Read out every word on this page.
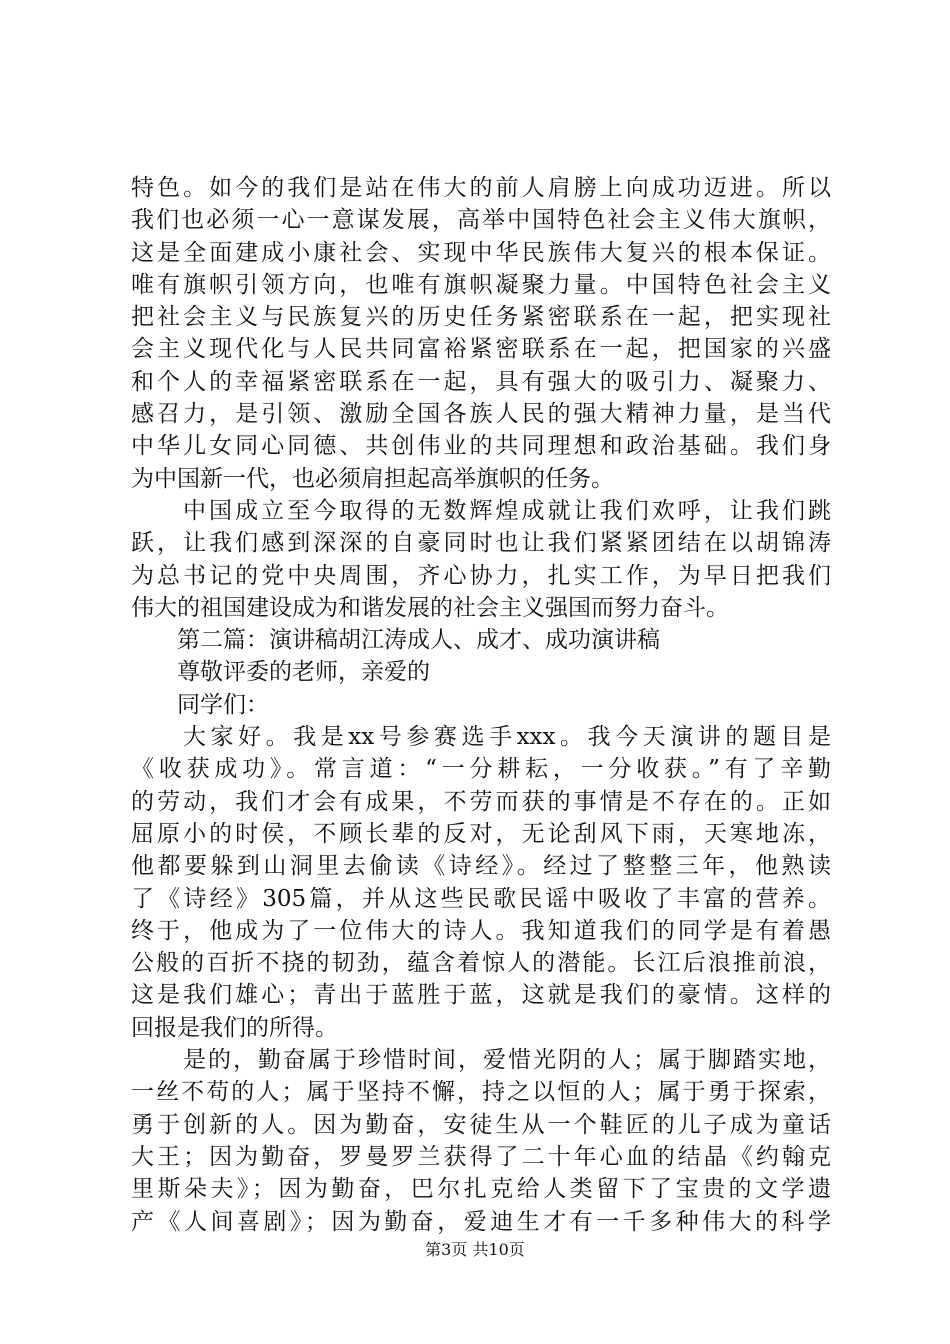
特色。如今的我们是站在伟大的前人肩膀上向成功迈进。所以
我们也必须一心一意谋发展，高举中国特色社会主义伟大旗帜，
这是全面建成小康社会、实现中华民族伟大复兴的根本保证。
唯有旗帜引领方向，也唯有旗帜凝聚力量。中国特色社会主义
把社会主义与民族复兴的历史任务紧密联系在一起，把实现社
会主义现代化与人民共同富裕紧密联系在一起，把国家的兴盛
和个人的幸福紧密联系在一起，具有强大的吸引力、凝聚力、
感召力，是引领、激励全国各族人民的强大精神力量，是当代
中华儿女同心同德、共创伟业的共同理想和政治基础。我们身
为中国新一代，也必须肩担起高举旗帜的任务。
中国成立至今取得的无数辉煌成就让我们欢呼，让我们跳
跃，让我们感到深深的自豪同时也让我们紧紧团结在以胡锦涛
为总书记的党中央周围，齐心协力，扎实工作，为早日把我们
伟大的祖国建设成为和谐发展的社会主义强国而努力奋斗。
第二篇：演讲稿胡江涛成人、成才、成功演讲稿
尊敬评委的老师，亲爱的
同学们：
大家好。我是xx号参赛选手xxx。我今天演讲的题目是
《收获成功》。常言道：“一分耕耘，一分收获。”有了辛勤
的劳动，我们才会有成果，不劳而获的事情是不存在的。正如
屈原小的时侯，不顾长辈的反对，无论刮风下雨，天寒地冻，
他都要躲到山洞里去偷读《诗经》。经过了整整三年，他熟读
了《诗经》305篇，并从这些民歌民谣中吸收了丰富的营养。
终于，他成为了一位伟大的诗人。我知道我们的同学是有着愚
公般的百折不挠的韧劲，蕴含着惊人的潜能。长江后浪推前浪，
这是我们雄心；青出于蓝胜于蓝，这就是我们的豪情。这样的
回报是我们的所得。
是的，勤奋属于珍惜时间，爱惜光阴的人；属于脚踏实地，
一丝不苟的人；属于坚持不懈，持之以恒的人；属于勇于探索，
勇于创新的人。因为勤奋，安徒生从一个鞋匠的儿子成为童话
大王；因为勤奋，罗曼罗兰获得了二十年心血的结晶《约翰克
里斯朵夫》；因为勤奋，巴尔扎克给人类留下了宝贵的文学遗
产《人间喜剧》；因为勤奋，爱迪生才有一千多种伟大的科学
第3页 共10页
